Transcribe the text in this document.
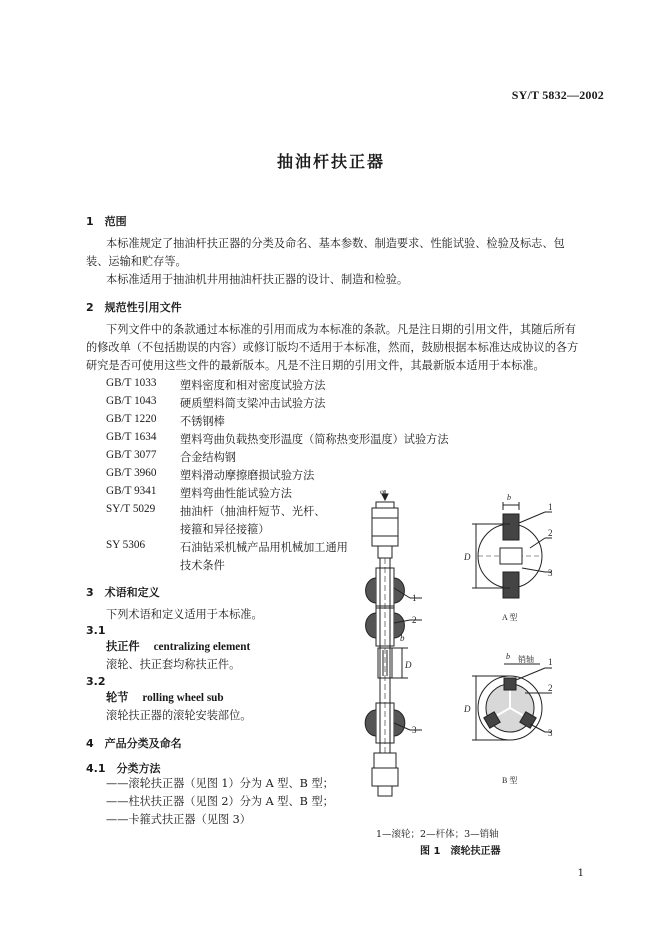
SY/T 5832—2002
抽油杆扶正器
1　范围
本标准规定了抽油杆扶正器的分类及命名、基本参数、制造要求、性能试验、检验及标志、包
装、运输和贮存等。
本标准适用于抽油机井用抽油杆扶正器的设计、制造和检验。
2　规范性引用文件
下列文件中的条款通过本标准的引用而成为本标准的条款。凡是注日期的引用文件，其随后所有
的修改单（不包括勘误的内容）或修订版均不适用于本标准，然而，鼓励根据本标准达成协议的各方
研究是否可使用这些文件的最新版本。凡是不注日期的引用文件，其最新版本适用于本标准。
GB/T 1033 塑料密度和相对密度试验方法
GB/T 1043 硬质塑料简支梁冲击试验方法
GB/T 1220 不锈钢棒
GB/T 1634 塑料弯曲负载热变形温度（简称热变形温度）试验方法
GB/T 3077 合金结构钢
GB/T 3960 塑料滑动摩擦磨损试验方法
GB/T 9341 塑料弯曲性能试验方法
SY/T 5029 抽油杆（抽油杆短节、光杆、
接箍和异径接箍）
SY 5306	石油钻采机械产品用机械加工通用
技术条件
3　术语和定义
下列术语和定义适用于本标准。
3.1
扶正件 centralizing element
滚轮、扶正套均称扶正件。
3.2
轮节 rolling wheel sub
滚轮扶正器的滚轮安装部位。
4　产品分类及命名
4.1　分类方法
——滚轮扶正器（见图 1）分为 A 型、B 型；
——柱状扶正器（见图 2）分为 A 型、B 型；
——卡箍式扶正器（见图 3）
φ
1
2
3
b
D
b
D
1
2
3
A 型
b 销轴
D
1
2
3
B 型
1—滚轮；2—杆体；3—销轴
图 1　滚轮扶正器
1
